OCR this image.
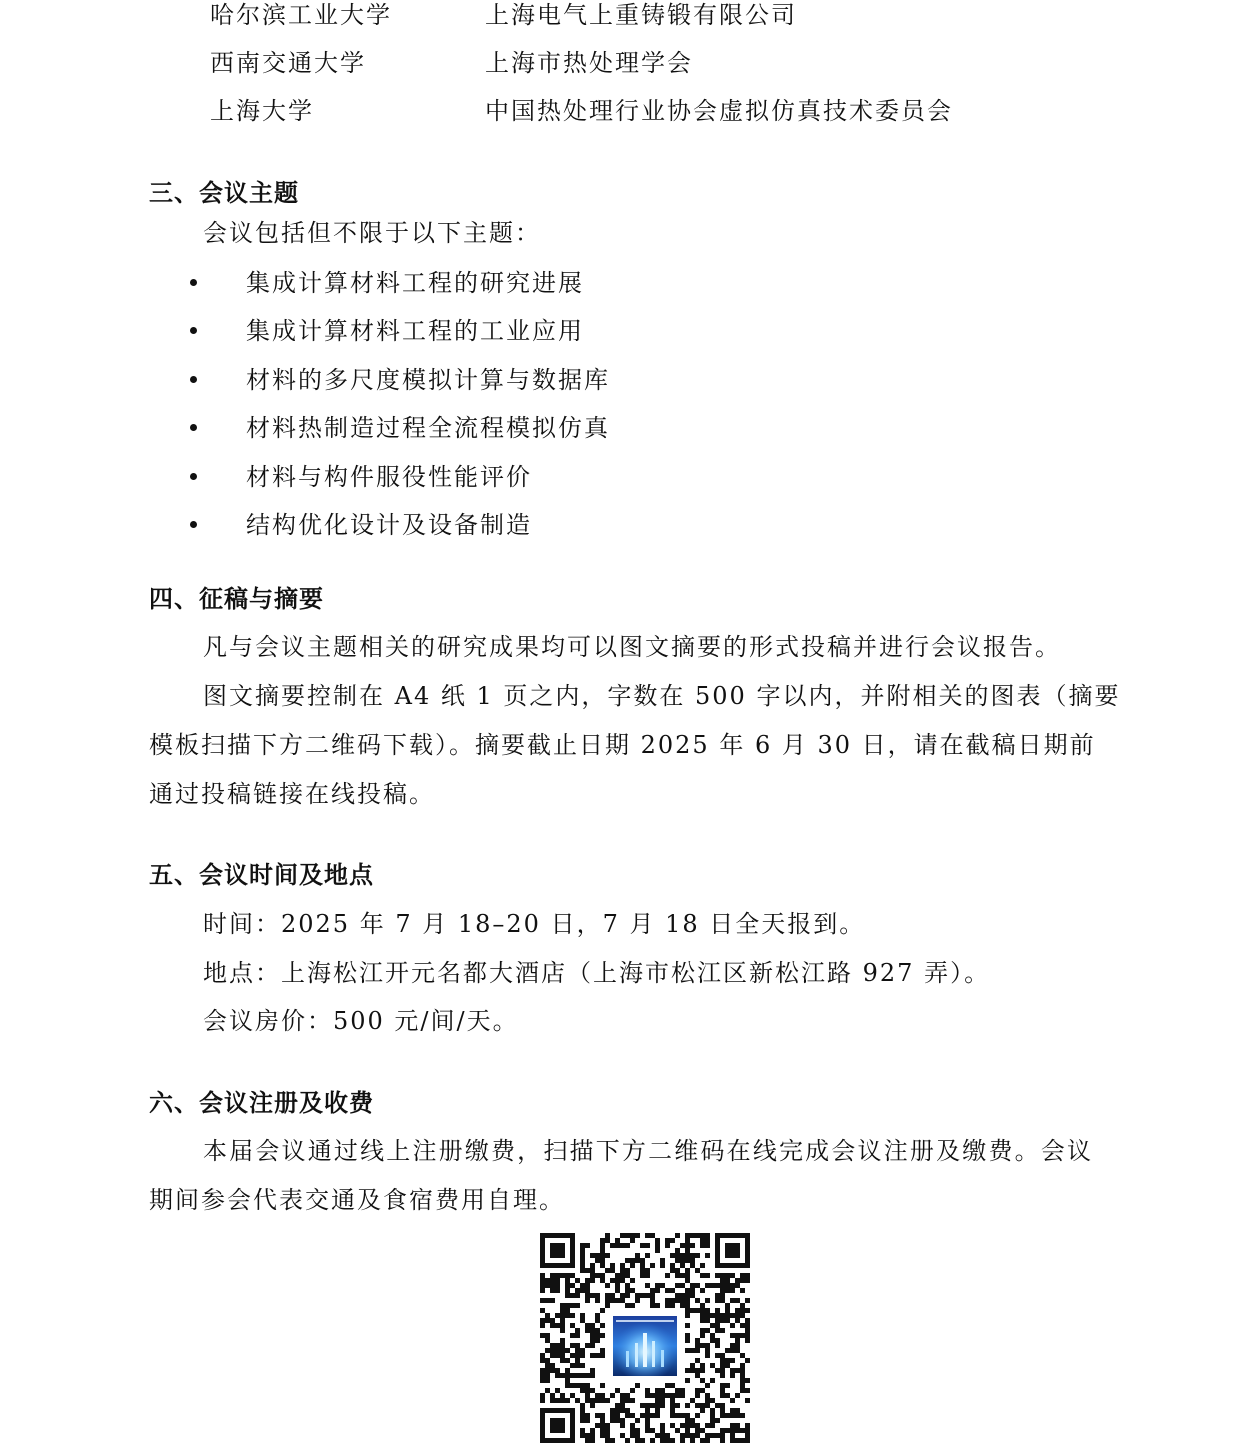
哈尔滨工业大学	上海电气上重铸锻有限公司
西南交通大学	上海市热处理学会
上海大学	中国热处理行业协会虚拟仿真技术委员会
三、会议主题
会议包括但不限于以下主题：
集成计算材料工程的研究进展
集成计算材料工程的工业应用
材料的多尺度模拟计算与数据库
材料热制造过程全流程模拟仿真
材料与构件服役性能评价
结构优化设计及设备制造
四、征稿与摘要
凡与会议主题相关的研究成果均可以图文摘要的形式投稿并进行会议报告。
图文摘要控制在 A4 纸 1 页之内，字数在 500 字以内，并附相关的图表（摘要
模板扫描下方二维码下载）。摘要截止日期 2025 年 6 月 30 日，请在截稿日期前
通过投稿链接在线投稿。
五、会议时间及地点
时间：2025 年 7 月 18–20 日，7 月 18 日全天报到。
地点：上海松江开元名都大酒店（上海市松江区新松江路 927 弄）。
会议房价：500 元/间/天。
六、会议注册及收费
本届会议通过线上注册缴费，扫描下方二维码在线完成会议注册及缴费。会议
期间参会代表交通及食宿费用自理。
